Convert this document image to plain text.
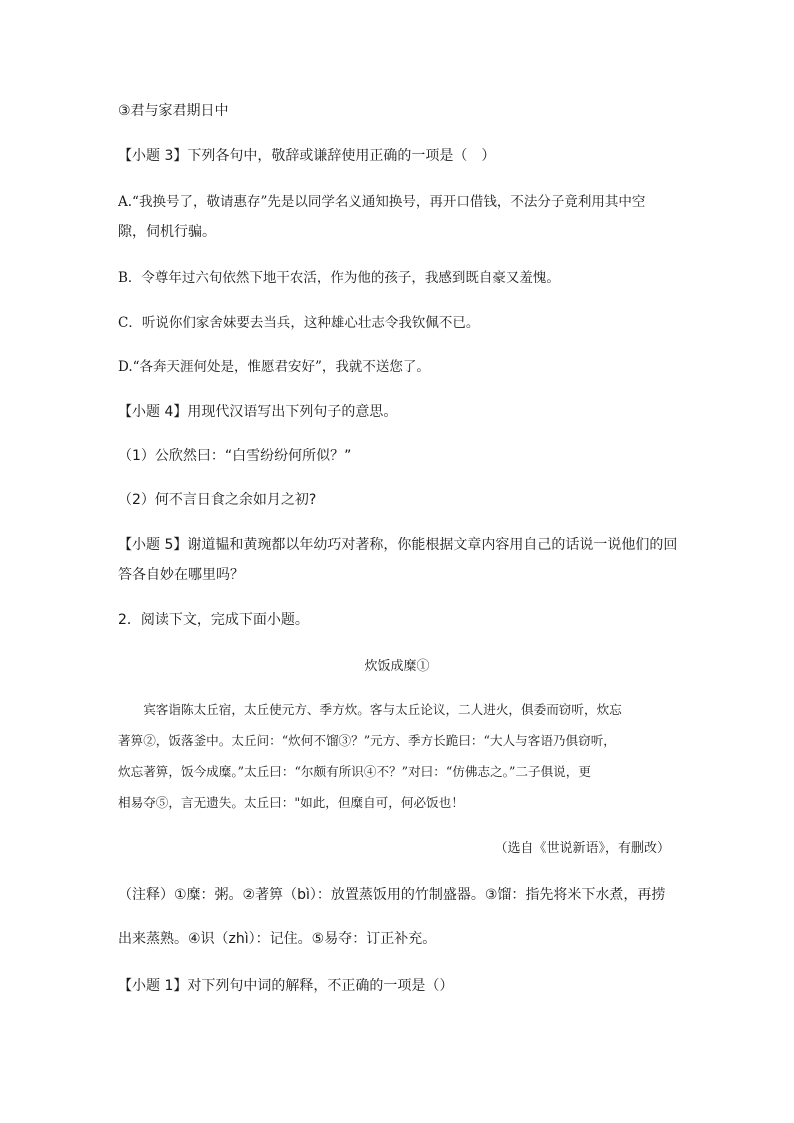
③君与家君期日中
【小题 3】下列各句中，敬辞或谦辞使用正确的一项是（　）
A.“我换号了，敬请惠存”先是以同学名义通知换号，再开口借钱，不法分子竟利用其中空
隙，伺机行骗。
B．令尊年过六旬依然下地干农活，作为他的孩子，我感到既自豪又羞愧。
C．听说你们家舍妹要去当兵，这种雄心壮志令我钦佩不已。
D.“各奔天涯何处是，惟愿君安好”，我就不送您了。
【小题 4】用现代汉语写出下列句子的意思。
（1）公欣然曰：“白雪纷纷何所似？”
（2）何不言日食之余如月之初?
【小题 5】谢道韫和黄琬都以年幼巧对著称，你能根据文章内容用自己的话说一说他们的回
答各自妙在哪里吗？
2．阅读下文，完成下面小题。
炊饭成糜①
　　宾客诣陈太丘宿，太丘使元方、季方炊。客与太丘论议，二人进火，俱委而窃听，炊忘
著箅②，饭落釜中。太丘问：“炊何不馏③？”元方、季方长跪曰：“大人与客语乃俱窃听，
炊忘著箅，饭今成糜。”太丘曰：“尔颇有所识④不？”对曰：“仿佛志之。”二子俱说，更
相易夺⑤，言无遗失。太丘曰："如此，但糜自可，何必饭也！
（选自《世说新语》，有删改）
（注释）①糜：粥。②著箅（bì）：放置蒸饭用的竹制盛器。③馏：指先将米下水煮，再捞
出来蒸熟。④识（zhì）：记住。⑤易夺：订正补充。
【小题 1】对下列句中词的解释，不正确的一项是（）
